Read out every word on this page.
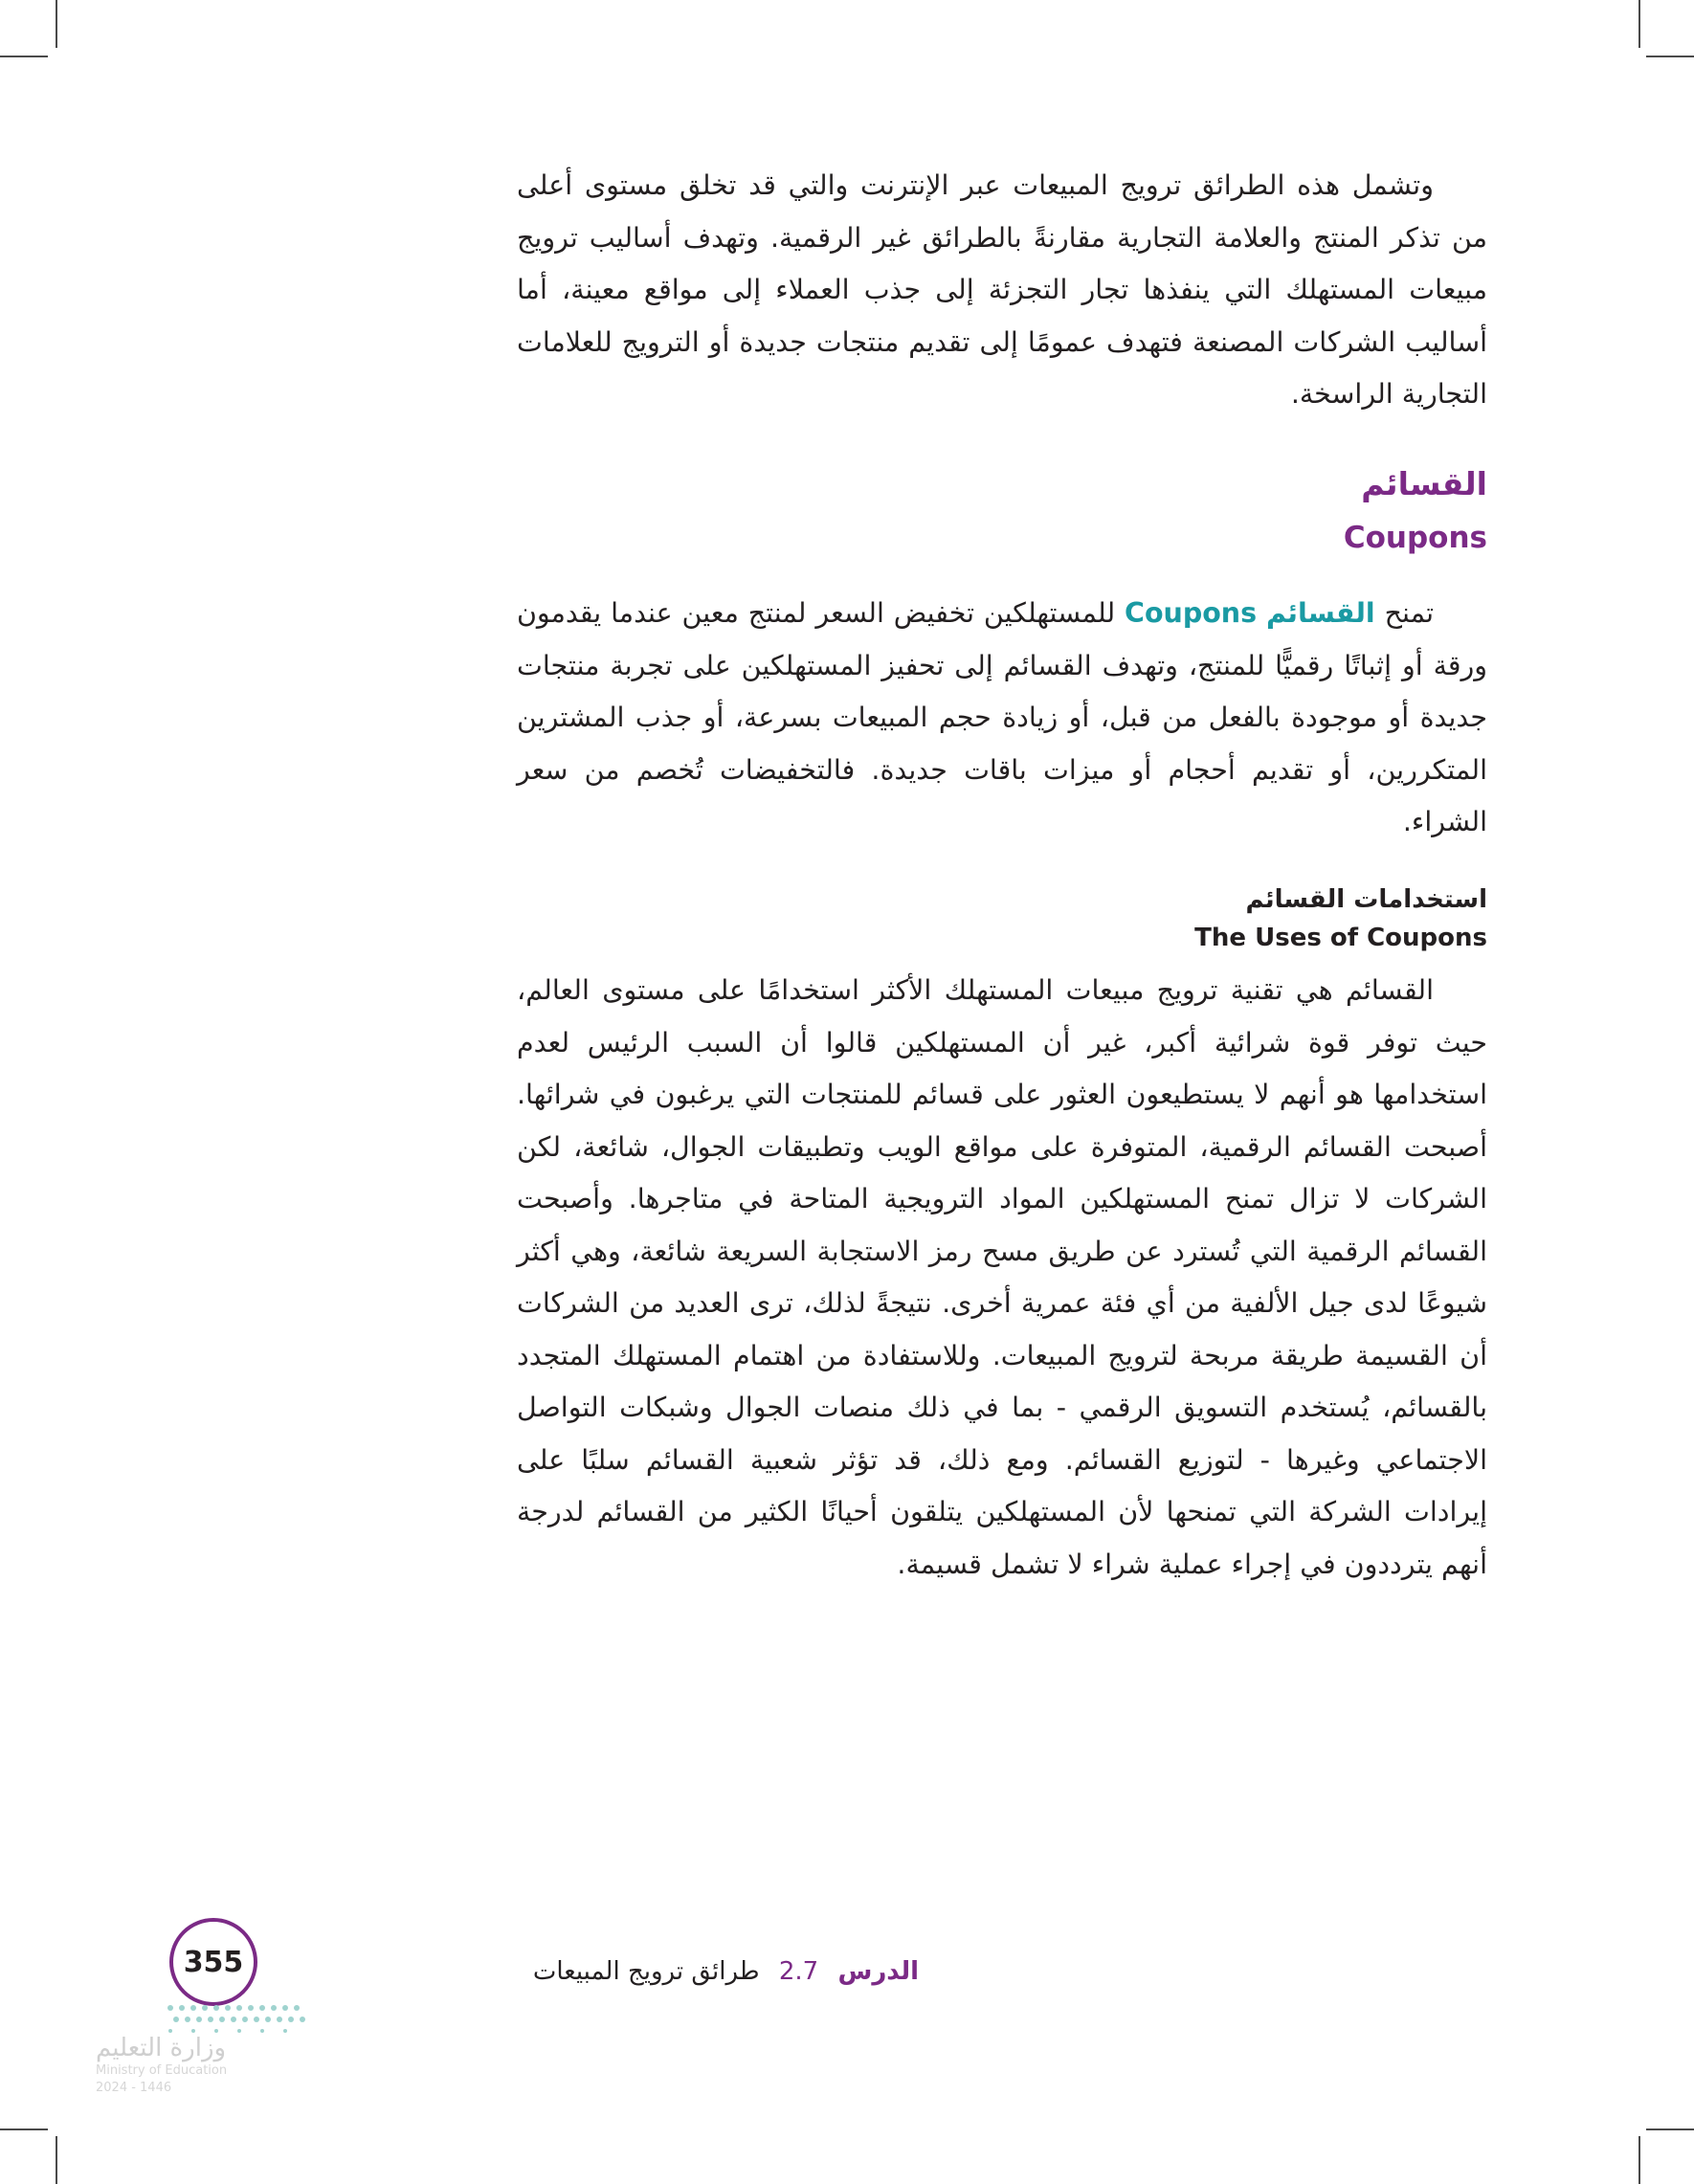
وتشمل هذه الطرائق ترويج المبيعات عبر الإنترنت والتي قد تخلق مستوى أعلى من تذكر المنتج والعلامة التجارية مقارنةً بالطرائق غير الرقمية. وتهدف أساليب ترويج مبيعات المستهلك التي ينفذها تجار التجزئة إلى جذب العملاء إلى مواقع معينة، أما أساليب الشركات المصنعة فتهدف عمومًا إلى تقديم منتجات جديدة أو الترويج للعلامات التجارية الراسخة.

القسائم

Coupons

تمنح القسائم Coupons للمستهلكين تخفيض السعر لمنتج معين عندما يقدمون ورقة أو إثباتًا رقميًّا للمنتج، وتهدف القسائم إلى تحفيز المستهلكين على تجربة منتجات جديدة أو موجودة بالفعل من قبل، أو زيادة حجم المبيعات بسرعة، أو جذب المشترين المتكررين، أو تقديم أحجام أو ميزات باقات جديدة. فالتخفيضات تُخصم من سعر الشراء.

استخدامات القسائم

The Uses of Coupons

القسائم هي تقنية ترويج مبيعات المستهلك الأكثر استخدامًا على مستوى العالم، حيث توفر قوة شرائية أكبر، غير أن المستهلكين قالوا أن السبب الرئيس لعدم استخدامها هو أنهم لا يستطيعون العثور على قسائم للمنتجات التي يرغبون في شرائها. أصبحت القسائم الرقمية، المتوفرة على مواقع الويب وتطبيقات الجوال، شائعة، لكن الشركات لا تزال تمنح المستهلكين المواد الترويجية المتاحة في متاجرها. وأصبحت القسائم الرقمية التي تُسترد عن طريق مسح رمز الاستجابة السريعة شائعة، وهي أكثر شيوعًا لدى جيل الألفية من أي فئة عمرية أخرى. نتيجةً لذلك، ترى العديد من الشركات أن القسيمة طريقة مربحة لترويج المبيعات. وللاستفادة من اهتمام المستهلك المتجدد بالقسائم، يُستخدم التسويق الرقمي - بما في ذلك منصات الجوال وشبكات التواصل الاجتماعي وغيرها - لتوزيع القسائم. ومع ذلك، قد تؤثر شعبية القسائم سلبًا على إيرادات الشركة التي تمنحها لأن المستهلكين يتلقون أحيانًا الكثير من القسائم لدرجة أنهم يترددون في إجراء عملية شراء لا تشمل قسيمة.

الدرس 2.7 طرائق ترويج المبيعات
355
وزارة التعليم
Ministry of Education
2024 - 1446
